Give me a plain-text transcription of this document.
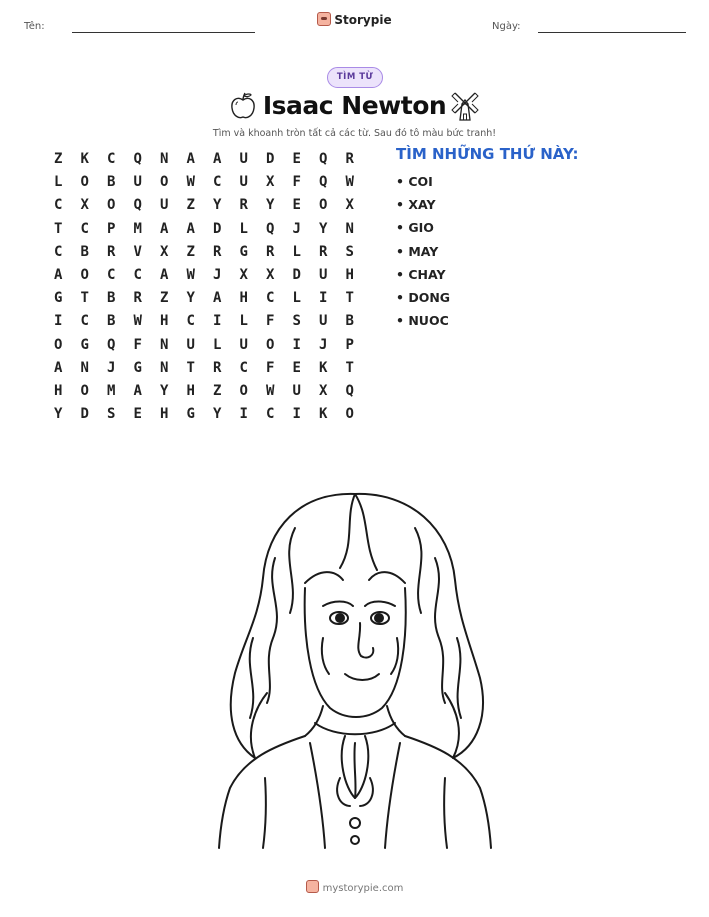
Tên:	Storypie	Ngày:
TÌM TỪ
Isaac Newton
Tìm và khoanh tròn tất cả các từ. Sau đó tô màu bức tranh!
Z	K	C	Q	N	A	A	U	D	E	Q	R
L	O	B	U	O	W	C	U	X	F	Q	W
C	X	O	Q	U	Z	Y	R	Y	E	O	X
T	C	P	M	A	A	D	L	Q	J	Y	N
C	B	R	V	X	Z	R	G	R	L	R	S
A	O	C	C	A	W	J	X	X	D	U	H
G	T	B	R	Z	Y	A	H	C	L	I	T
I	C	B	W	H	C	I	L	F	S	U	B
O	G	Q	F	N	U	L	U	O	I	J	P
A	N	J	G	N	T	R	C	F	E	K	T
H	O	M	A	Y	H	Z	O	W	U	X	Q
Y	D	S	E	H	G	Y	I	C	I	K	O
TÌM NHỮNG THỨ NÀY:
• COI
• XAY
• GIO
• MAY
• CHAY
• DONG
• NUOC
mystorypie.com
